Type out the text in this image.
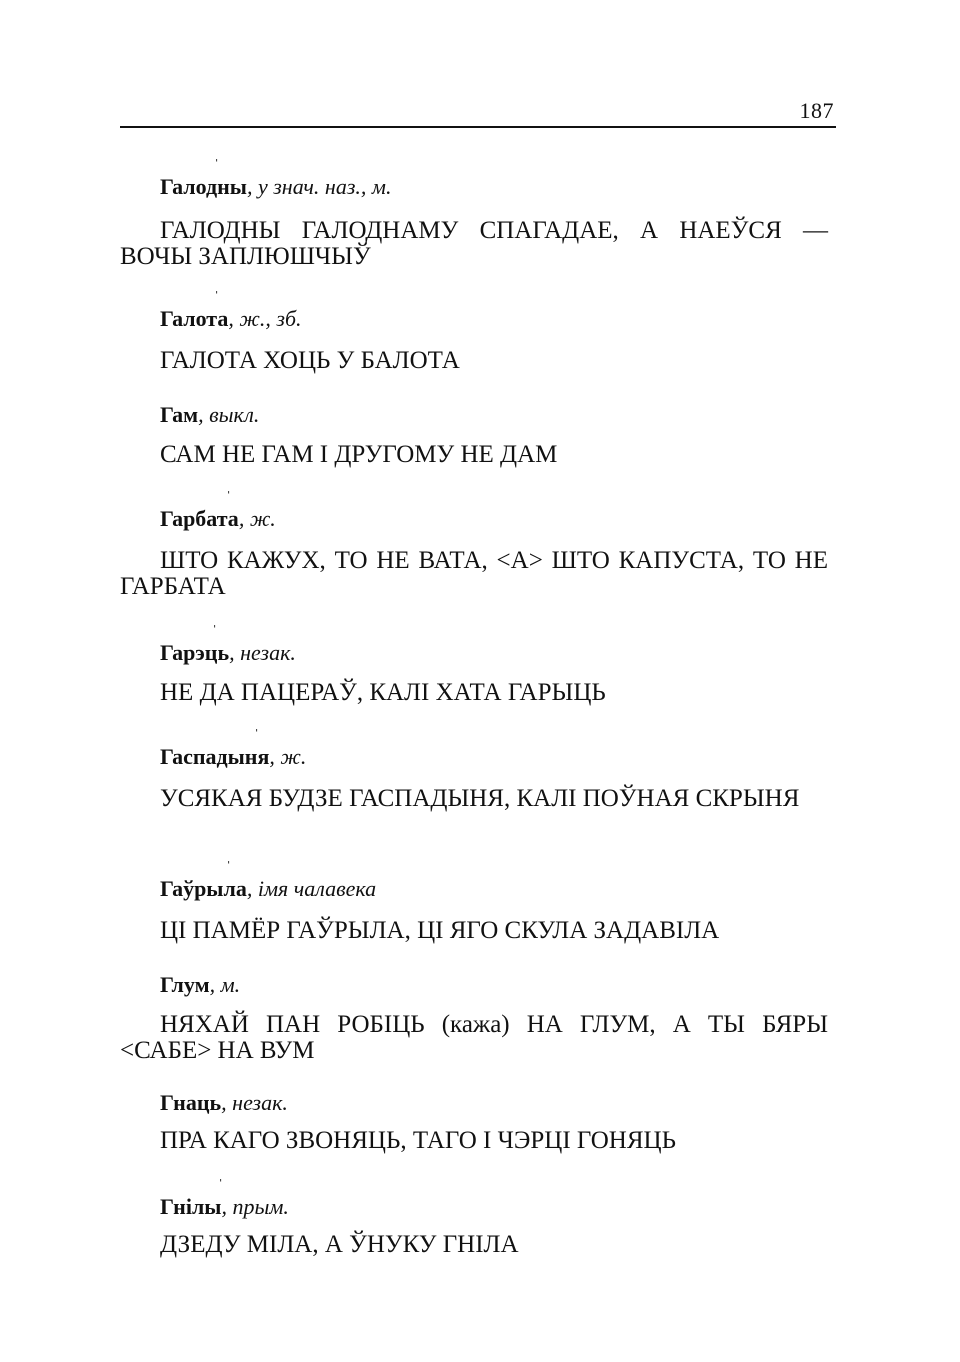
187
ˈ
Галодны, у знач. наз., м.
ГАЛОДНЫ ГАЛОДНАМУ СПАГАДАЕ, А НАЕЎСЯ — ВОЧЫ ЗАПЛЮШЧЫЎ
ˈ
Галота, ж., зб.
ГАЛОТА ХОЦЬ У БАЛОТА
Гам, выкл.
САМ НЕ ГАМ І ДРУГОМУ НЕ ДАМ
ˈ
Гарбата, ж.
ШТО КАЖУХ, ТО НЕ ВАТА, <А> ШТО КАПУСТА, ТО НЕ ГАРБАТА
ˈ
Гарэць, незак.
НЕ ДА ПАЦЕРАЎ, КАЛІ ХАТА ГАРЫЦЬ
ˈ
Гаспадыня, ж.
УСЯКАЯ БУДЗЕ ГАСПАДЫНЯ, КАЛІ ПОЎНАЯ СКРЫНЯ
ˈ
Гаўрыла, імя чалавека
ЦІ ПАМЁР ГАЎРЫЛА, ЦІ ЯГО СКУЛА ЗАДАВІЛА
Глум, м.
НЯХАЙ ПАН РОБІЦЬ (кажа) НА ГЛУМ, А ТЫ БЯРЫ <САБЕ> НА ВУМ
Гнаць, незак.
ПРА КАГО ЗВОНЯЦЬ, ТАГО І ЧЭРЦІ ГОНЯЦЬ
ˈ
Гнілы, прым.
ДЗЕДУ МІЛА, А ЎНУКУ ГНІЛА
